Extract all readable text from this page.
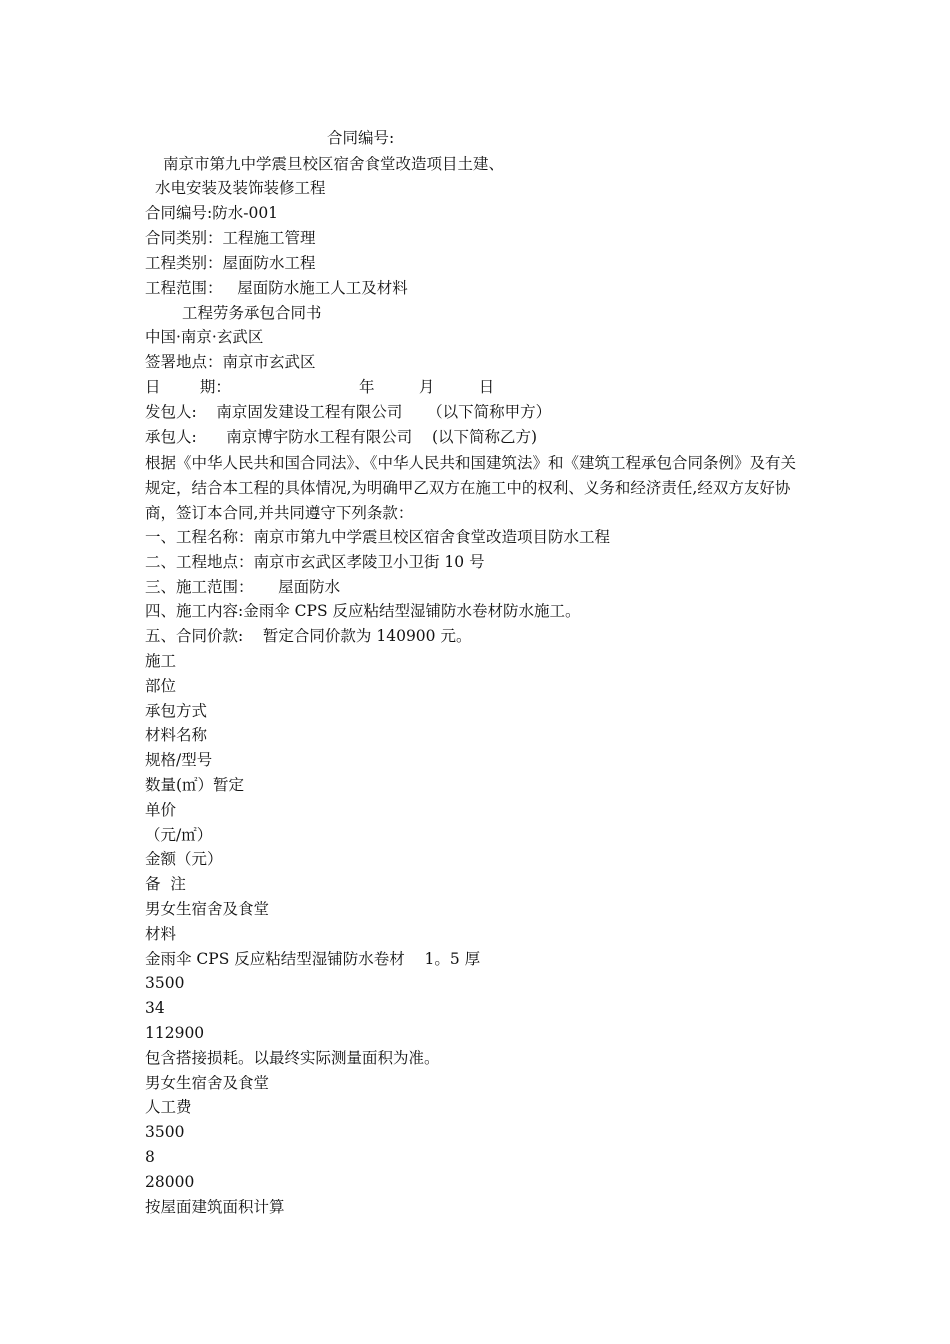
合同编号:
南京市第九中学震旦校区宿舍食堂改造项目土建、
水电安装及装饰装修工程
合同编号:防水-001
合同类别：工程施工管理
工程类别：屋面防水工程
工程范围：   屋面防水施工人工及材料
工程劳务承包合同书
中国·南京·玄武区
签署地点：南京市玄武区
日        期：                          年         月         日
发包人:    南京固发建设工程有限公司     （以下简称甲方）
承包人:      南京博宇防水工程有限公司    (以下简称乙方)
根据《中华人民共和国合同法》、《中华人民共和国建筑法》和《建筑工程承包合同条例》及有关规定，结合本工程的具体情况,为明确甲乙双方在施工中的权利、义务和经济责任,经双方友好协商，签订本合同,并共同遵守下列条款：
一、工程名称：南京市第九中学震旦校区宿舍食堂改造项目防水工程
二、工程地点：南京市玄武区孝陵卫小卫街 10 号
三、施工范围：     屋面防水
四、施工内容:金雨伞 CPS 反应粘结型湿铺防水卷材防水施工。
五、合同价款:    暂定合同价款为 140900 元。
施工
部位
承包方式
材料名称
规格/型号
数量(㎡）暂定
单价
（元/㎡）
金额（元）
备  注
男女生宿舍及食堂
材料
金雨伞 CPS 反应粘结型湿铺防水卷材    1。5 厚
3500
34
112900
包含搭接损耗。以最终实际测量面积为准。
男女生宿舍及食堂
人工费
3500
8
28000
按屋面建筑面积计算
